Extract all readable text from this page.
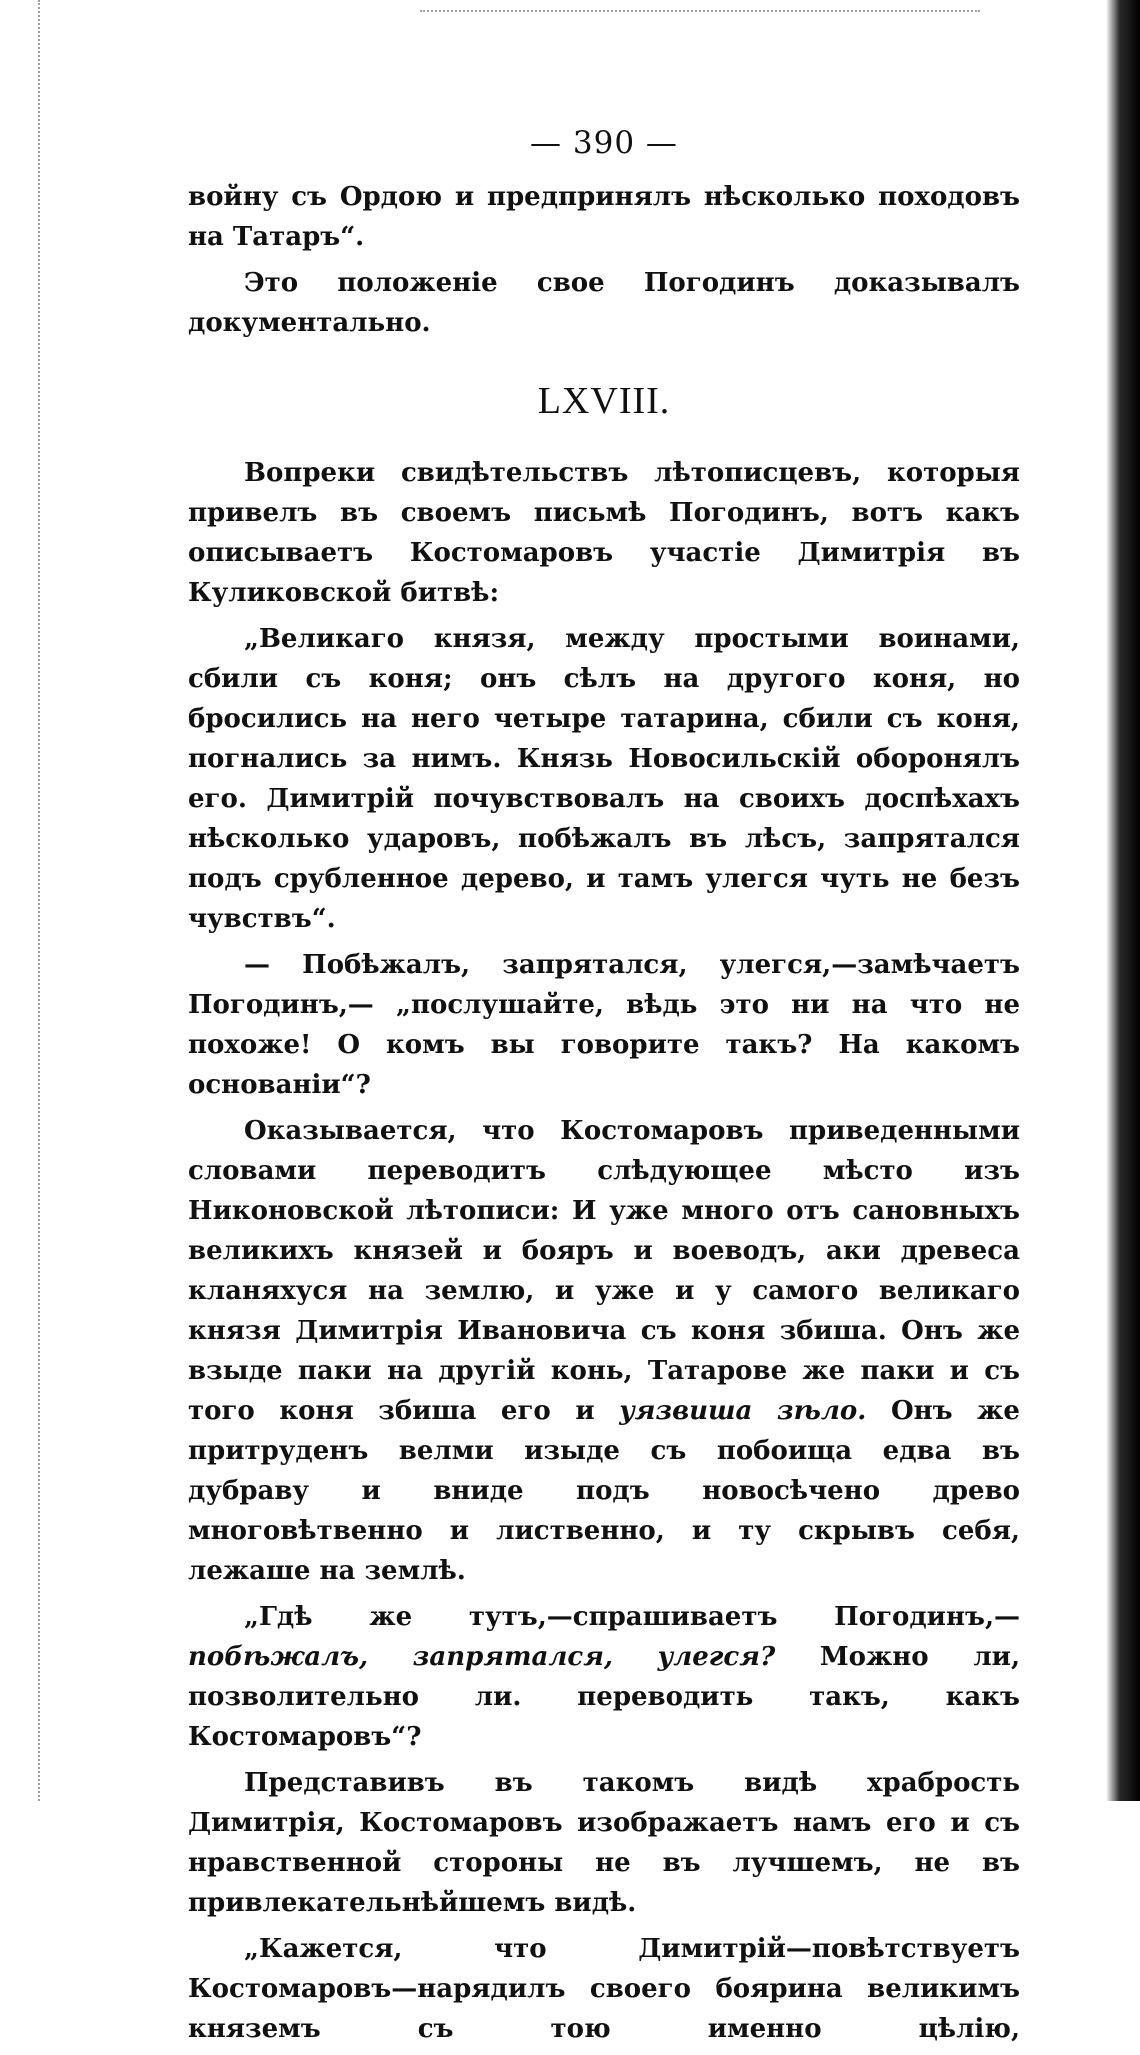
— 390 —

войну съ Ордою и предпринялъ нѣсколько походовъ на Татаръ“.

Это положеніе свое Погодинъ доказывалъ документально.

LXVIII.

Вопреки свидѣтельствъ лѣтописцевъ, которыя привелъ въ своемъ письмѣ Погодинъ, вотъ какъ описываетъ Костомаровъ участіе Димитрія въ Куликовской битвѣ:

„Великаго князя, между простыми воинами, сбили съ коня; онъ сѣлъ на другого коня, но бросились на него четыре татарина, сбили съ коня, погнались за нимъ. Князь Новосильскій оборонялъ его. Димитрій почувствовалъ на своихъ доспѣхахъ нѣсколько ударовъ, побѣжалъ въ лѣсъ, запрятался подъ срубленное дерево, и тамъ улегся чуть не безъ чувствъ“.

— Побѣжалъ, запрятался, улегся,—замѣчаетъ Погодинъ,— „послушайте, вѣдь это ни на что не похоже! О комъ вы говорите такъ? На какомъ основаніи“?

Оказывается, что Костомаровъ приведенными словами переводитъ слѣдующее мѣсто изъ Никоновской лѣтописи: И уже много отъ сановныхъ великихъ князей и бояръ и воеводъ, аки древеса кланяхуся на землю, и уже и у самого великаго князя Димитрія Ивановича съ коня збиша. Онъ же взыде паки на другій конь, Татарове же паки и съ того коня збиша его и уязвиша зѣло. Онъ же притруденъ велми изыде съ побоища едва въ дубраву и вниде подъ новосѣчено древо многовѣтвенно и лиственно, и ту скрывъ себя, лежаше на землѣ.

„Гдѣ же тутъ,—спрашиваетъ Погодинъ,—побѣжалъ, запрятался, улегся? Можно ли, позволительно ли. переводить такъ, какъ Костомаровъ“?

Представивъ въ такомъ видѣ храбрость Димитрія, Костомаровъ изображаетъ намъ его и съ нравственной стороны не въ лучшемъ, не въ привлекательнѣйшемъ видѣ.

„Кажется, что Димитрій—повѣтствуетъ Костомаровъ—нарядилъ своего бояринa великимъ княземъ съ тою именно цѣлію,
